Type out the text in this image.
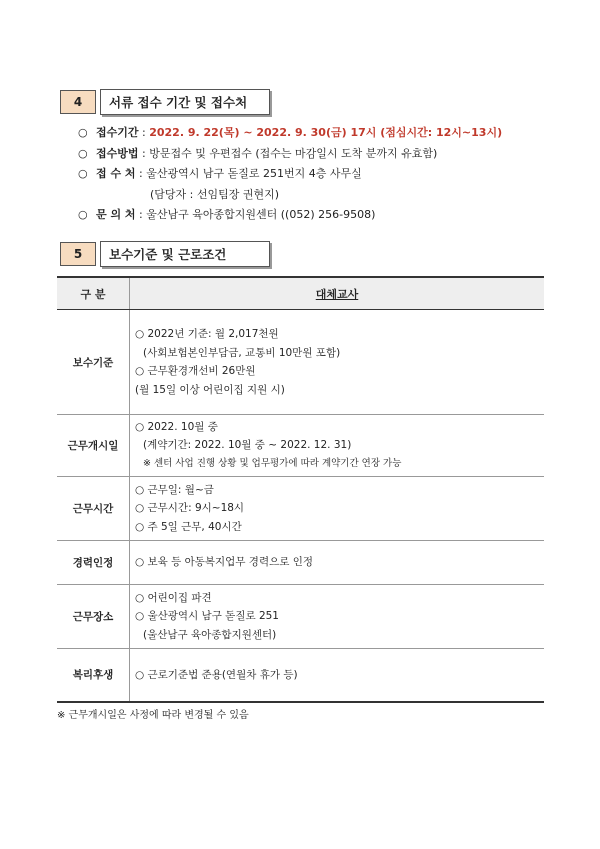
4	서류 접수 기간 및 접수처
○ 접수기간 : 2022. 9. 22(목) ~ 2022. 9. 30(금) 17시 (점심시간: 12시~13시)
○ 접수방법 : 방문접수 및 우편접수 (접수는 마감일시 도착 분까지 유효함)
○ 접 수 처 : 울산광역시 남구 돋질로 251번지 4층 사무실
(담당자 : 선임팀장 권현지)
○ 문 의 처 : 울산남구 육아종합지원센터 ((052) 256-9508)
5	보수기준 및 근로조건
구 분	대체교사
보수기준	○ 2022년 기준: 월 2,017천원
(사회보험본인부담금, 교통비 10만원 포함)
○ 근무환경개선비 26만원
(월 15일 이상 어린이집 지원 시)

근무개시일	○ 2022. 10월 중
(계약기간: 2022. 10월 중 ~ 2022. 12. 31)
※ 센터 사업 진행 상황 및 업무평가에 따라 계약기간 연장 가능

근무시간	○ 근무일: 월~금
○ 근무시간: 9시~18시
○ 주 5일 근무, 40시간

경력인정	○ 보육 등 아동복지업무 경력으로 인정

근무장소	○ 어린이집 파견
○ 울산광역시 남구 돋질로 251
(울산남구 육아종합지원센터)

복리후생	○ 근로기준법 준용(연월차 휴가 등)
※ 근무개시일은 사정에 따라 변경될 수 있음
